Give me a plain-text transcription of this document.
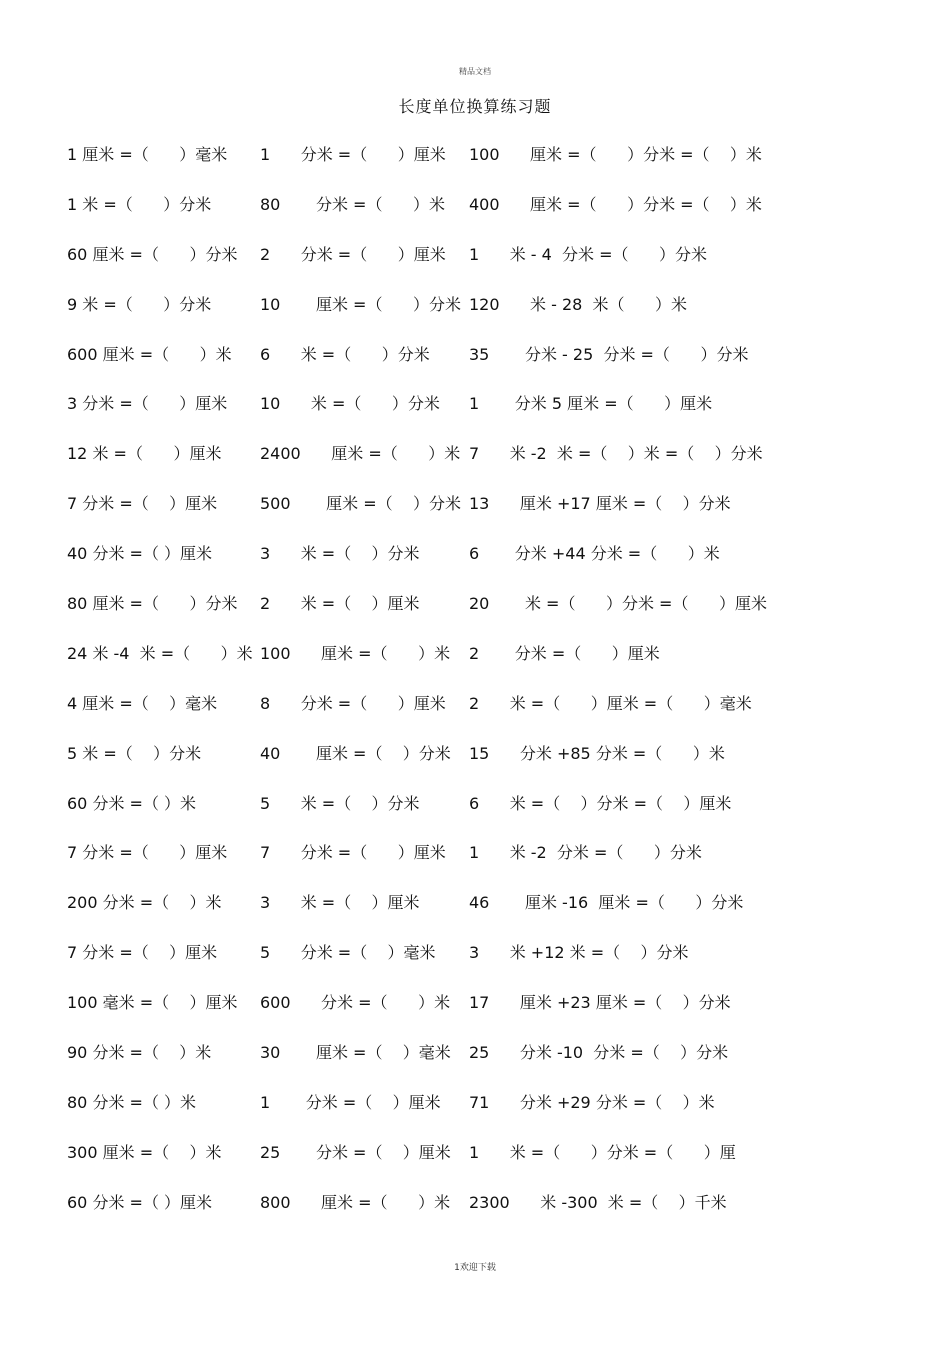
精品文档
长度单位换算练习题
1 厘米 =（      ）毫米 1      分米 =（      ）厘米 100      厘米 =（      ）分米 =（    ）米
1 米 =（      ）分米	80       分米 =（      ）米 400      厘米 =（      ）分米 =（    ）米
60 厘米 =（      ）分米 2      分米 =（      ）厘米 1      米 - 4  分米 =（      ）分米
9 米 =（      ）分米	10       厘米 =（      ）分米 120      米 - 28  米（      ）米
600 厘米 =（      ）米 6      米 =（      ）分米 35       分米 - 25  分米 =（      ）分米
3 分米 =（      ）厘米 10      米 =（      ）分米 1       分米 5 厘米 =（      ）厘米
12 米 =（      ）厘米 2400      厘米 =（      ）米 7      米 -2  米 =（    ）米 =（    ）分米
7 分米 =（    ）厘米	500       厘米 =（    ）分米 13      厘米 +17 厘米 =（    ）分米
40 分米 =（ ）厘米	3      米 =（    ）分米	6       分米 +44 分米 =（      ）米
80 厘米 =（      ）分米 2      米 =（    ）厘米	20       米 =（      ）分米 =（      ）厘米
24 米 -4  米 =（      ）米 100      厘米 =（      ）米 2       分米 =（      ）厘米
4 厘米 =（    ）毫米	8      分米 =（      ）厘米 2      米 =（      ）厘米 =（      ）毫米
5 米 =（    ）分米	40       厘米 =（    ）分米 15      分米 +85 分米 =（      ）米
60 分米 =（ ）米	5      米 =（    ）分米	6      米 =（    ）分米 =（    ）厘米
7 分米 =（      ）厘米 7      分米 =（      ）厘米 1      米 -2  分米 =（      ）分米
200 分米 =（    ）米 3      米 =（    ）厘米	46       厘米 -16  厘米 =（      ）分米
7 分米 =（    ）厘米	5      分米 =（    ）毫米 3      米 +12 米 =（    ）分米
100 毫米 =（    ）厘米 600      分米 =（      ）米 17      厘米 +23 厘米 =（    ）分米
90 分米 =（    ）米	30       厘米 =（    ）毫米 25      分米 -10  分米 =（    ）分米
80 分米 =（ ）米	1       分米 =（    ）厘米 71      分米 +29 分米 =（    ）米
300 厘米 =（    ）米 25       分米 =（    ）厘米 1      米 =（      ）分米 =（      ）厘
60 分米 =（ ）厘米	800      厘米 =（      ）米 2300      米 -300  米 =（    ）千米
1欢迎下载
